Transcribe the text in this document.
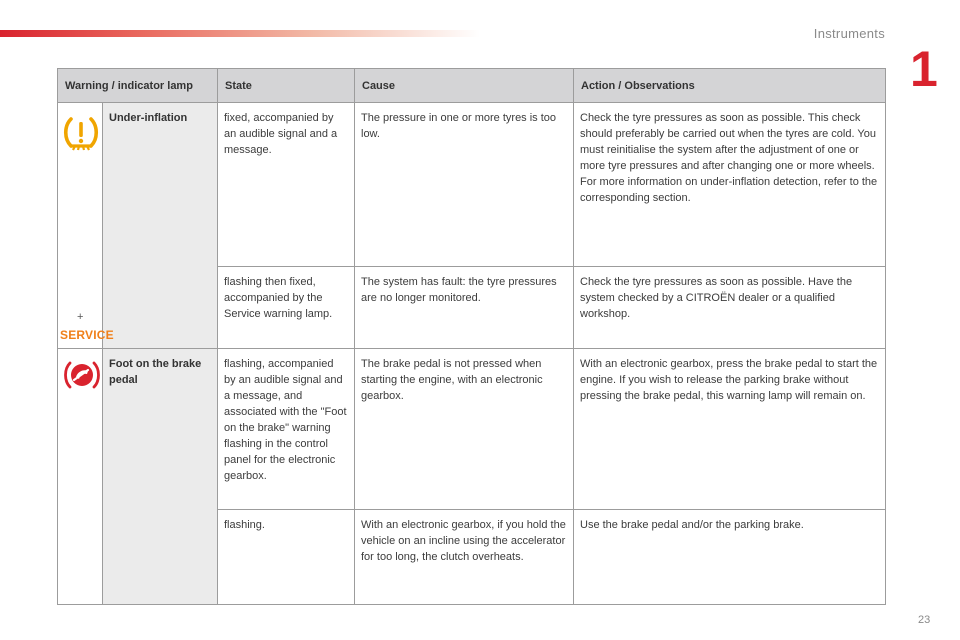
Instruments
1
23
Warning / indicator lamp		State	Cause	Action / Observations

+
SERVICE	Under-inflation	fixed, accompanied by an audible signal and a message.	The pressure in one or more tyres is too low.	Check the tyre pressures as soon as possible. This check should preferably be carried out when the tyres are cold. You must reinitialise the system after the adjustment of one or more tyre pressures and after changing one or more wheels. For more information on under-inflation detection, refer to the corresponding section.
		flashing then fixed, accompanied by the Service warning lamp.	The system has fault: the tyre pressures are no longer monitored.	Check the tyre pressures as soon as possible. Have the system checked by a CITROËN dealer or a qualified workshop.

	Foot on the brake pedal	flashing, accompanied by an audible signal and a message, and associated with the "Foot on the brake" warning flashing in the control panel for the electronic gearbox.	The brake pedal is not pressed when starting the engine, with an electronic gearbox.	With an electronic gearbox, press the brake pedal to start the engine. If you wish to release the parking brake without pressing the brake pedal, this warning lamp will remain on.
		flashing.	With an electronic gearbox, if you hold the vehicle on an incline using the accelerator for too long, the clutch overheats.	Use the brake pedal and/or the parking brake.
